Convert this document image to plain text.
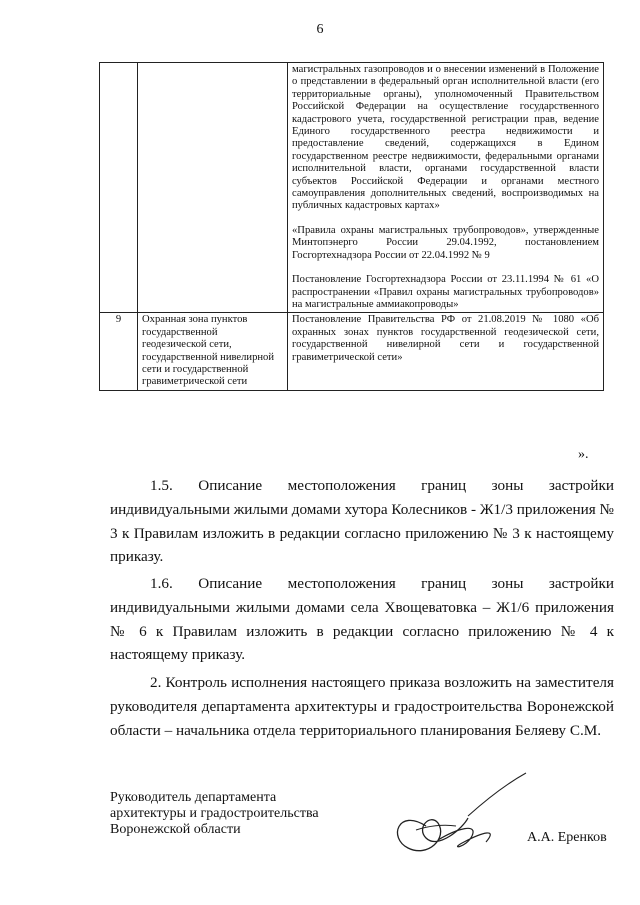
6
		магистральных газопроводов и о внесении изменений в Положение о представлении в федеральный орган исполнительной власти (его территориальные органы), уполномоченный Правительством Российской Федерации на осуществление государственного кадастрового учета, государственной регистрации прав, ведение Единого государственного реестра недвижимости и предоставление сведений, содержащихся в Едином государственном реестре недвижимости, федеральными органами исполнительной власти, органами государственной власти субъектов Российской Федерации и органами местного самоуправления дополнительных сведений, воспроизводимых на публичных кадастровых картах»
«Правила охраны магистральных трубопроводов», утвержденные Минтопэнерго России 29.04.1992, постановлением Госгортехнадзора России от 22.04.1992 № 9
Постановление Госгортехнадзора России от 23.11.1994 № 61 «О распространении «Правил охраны магистральных трубопроводов» на магистральные аммиакопроводы»
9	Охранная зона пунктов государственной геодезической сети, государственной нивелирной сети и государственной гравиметрической сети	Постановление Правительства РФ от 21.08.2019 № 1080 «Об охранных зонах пунктов государственной геодезической сети, государственной нивелирной сети и государственной гравиметрической сети»
».
1.5. Описание местоположения границ зоны застройки индивидуальными жилыми домами хутора Колесников - Ж1/3 приложения № 3 к Правилам изложить в редакции согласно приложению № 3 к настоящему приказу.
1.6. Описание местоположения границ зоны застройки индивидуальными жилыми домами села Хвощеватовка – Ж1/6 приложения № 6 к Правилам изложить в редакции согласно приложению № 4 к настоящему приказу.
2. Контроль исполнения настоящего приказа возложить на заместителя руководителя департамента архитектуры и градостроительства Воронежской области – начальника отдела территориального планирования Беляеву С.М.
Руководитель департамента
архитектуры и градостроительства
Воронежской области
А.А. Еренков
